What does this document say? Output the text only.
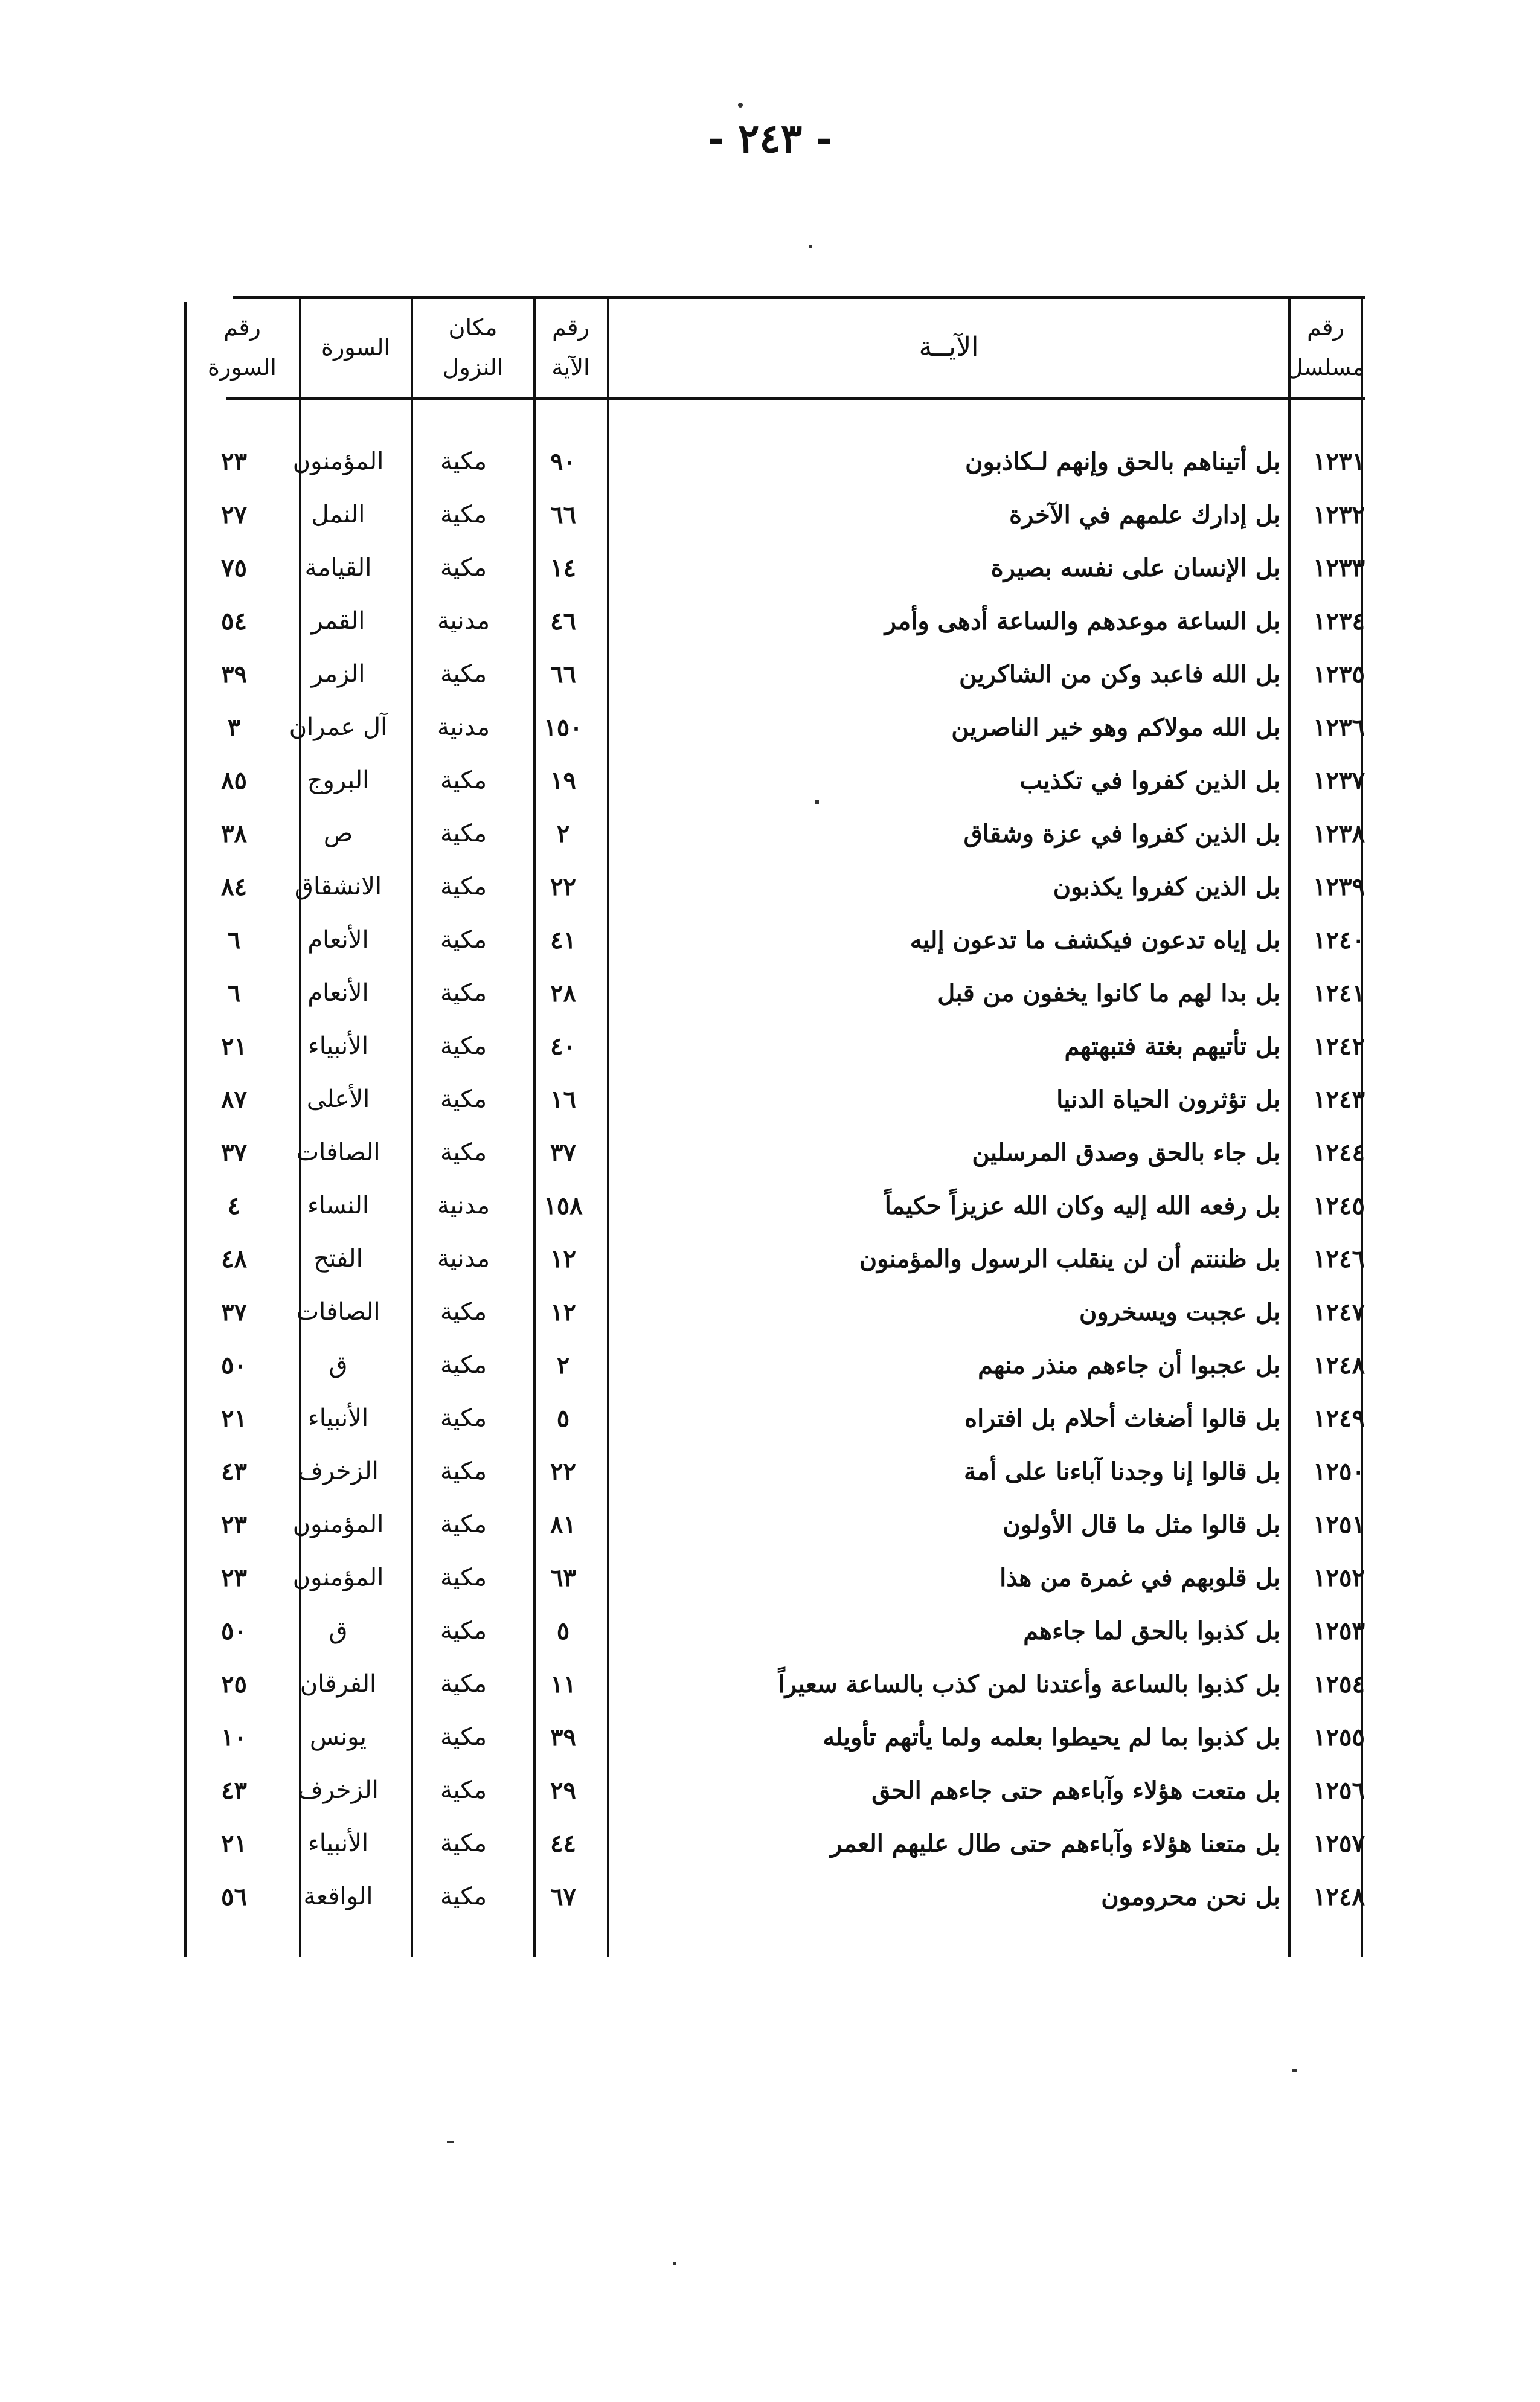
- ٢٤٣ -
رقم
مسلسل
الآيــة
رقم
الآية
مكان
النزول
السورة
رقم
السورة
١٢٣١
بل أتيناهم بالحق وإنهم لـكاذبون
٩٠
مكية
المؤمنون
٢٣
١٢٣٢
بل إدارك علمهم في الآخرة
٦٦
مكية
النمل
٢٧
١٢٣٣
بل الإنسان على نفسه بصيرة
١٤
مكية
القيامة
٧٥
١٢٣٤
بل الساعة موعدهم والساعة أدهى وأمر
٤٦
مدنية
القمر
٥٤
١٢٣٥
بل الله فاعبد وكن من الشاكرين
٦٦
مكية
الزمر
٣٩
١٢٣٦
بل الله مولاكم وهو خير الناصرين
١٥٠
مدنية
آل عمران
٣
١٢٣٧
بل الذين كفروا في تكذيب
١٩
مكية
البروج
٨٥
١٢٣٨
بل الذين كفروا في عزة وشقاق
٢
مكية
ص
٣٨
١٢٣٩
بل الذين كفروا يكذبون
٢٢
مكية
الانشقاق
٨٤
١٢٤٠
بل إياه تدعون فيكشف ما تدعون إليه
٤١
مكية
الأنعام
٦
١٢٤١
بل بدا لهم ما كانوا يخفون من قبل
٢٨
مكية
الأنعام
٦
١٢٤٢
بل تأتيهم بغتة فتبهتهم
٤٠
مكية
الأنبياء
٢١
١٢٤٣
بل تؤثرون الحياة الدنيا
١٦
مكية
الأعلى
٨٧
١٢٤٤
بل جاء بالحق وصدق المرسلين
٣٧
مكية
الصافات
٣٧
١٢٤٥
بل رفعه الله إليه وكان الله عزيزاً حكيماً
١٥٨
مدنية
النساء
٤
١٢٤٦
بل ظننتم أن لن ينقلب الرسول والمؤمنون
١٢
مدنية
الفتح
٤٨
١٢٤٧
بل عجبت ويسخرون
١٢
مكية
الصافات
٣٧
١٢٤٨
بل عجبوا أن جاءهم منذر منهم
٢
مكية
ق
٥٠
١٢٤٩
بل قالوا أضغاث أحلام بل افتراه
٥
مكية
الأنبياء
٢١
١٢٥٠
بل قالوا إنا وجدنا آباءنا على أمة
٢٢
مكية
الزخرف
٤٣
١٢٥١
بل قالوا مثل ما قال الأولون
٨١
مكية
المؤمنون
٢٣
١٢٥٢
بل قلوبهم في غمرة من هذا
٦٣
مكية
المؤمنون
٢٣
١٢٥٣
بل كذبوا بالحق لما جاءهم
٥
مكية
ق
٥٠
١٢٥٤
بل كذبوا بالساعة وأعتدنا لمن كذب بالساعة سعيراً
١١
مكية
الفرقان
٢٥
١٢٥٥
بل كذبوا بما لم يحيطوا بعلمه ولما يأتهم تأويله
٣٩
مكية
يونس
١٠
١٢٥٦
بل متعت هؤلاء وآباءهم حتى جاءهم الحق
٢٩
مكية
الزخرف
٤٣
١٢٥٧
بل متعنا هؤلاء وآباءهم حتى طال عليهم العمر
٤٤
مكية
الأنبياء
٢١
١٢٤٨
بل نحن محرومون
٦٧
مكية
الواقعة
٥٦
